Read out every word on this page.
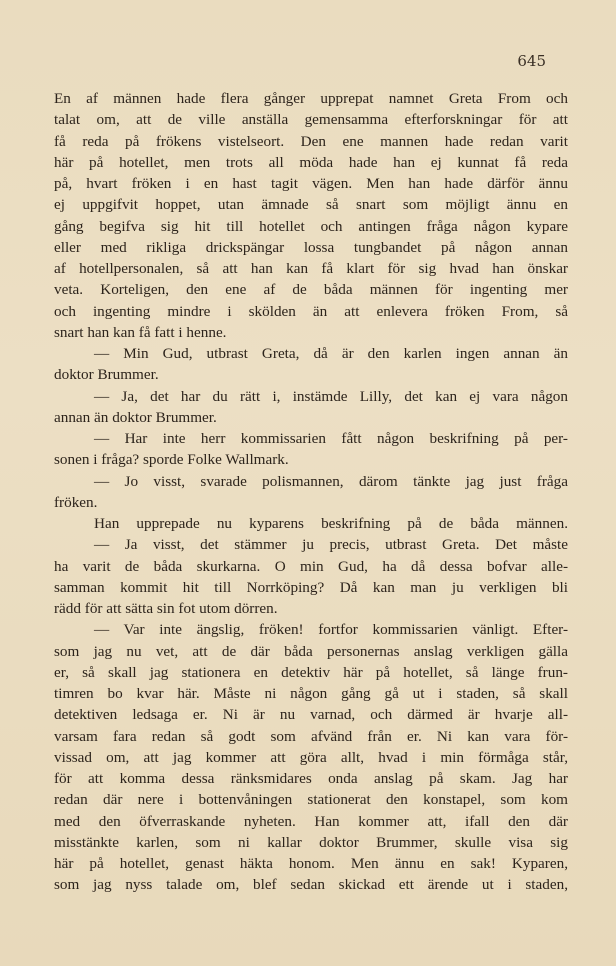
645
En af männen hade flera gånger upprepat namnet Greta From och
talat om, att de ville anställa gemensamma efterforskningar för att
få reda på frökens vistelseort. Den ene mannen hade redan varit
här på hotellet, men trots all möda hade han ej kunnat få reda
på, hvart fröken i en hast tagit vägen. Men han hade därför ännu
ej uppgifvit hoppet, utan ämnade så snart som möjligt ännu en
gång begifva sig hit till hotellet och antingen fråga någon kypare
eller med rikliga drickspängar lossa tungbandet på någon annan
af hotellpersonalen, så att han kan få klart för sig hvad han önskar
veta. Korteligen, den ene af de båda männen för ingenting mer
och ingenting mindre i skölden än att enlevera fröken From, så
snart han kan få fatt i henne.
— Min Gud, utbrast Greta, då är den karlen ingen annan än
doktor Brummer.
— Ja, det har du rätt i, instämde Lilly, det kan ej vara någon
annan än doktor Brummer.
— Har inte herr kommissarien fått någon beskrifning på per-
sonen i fråga? sporde Folke Wallmark.
— Jo visst, svarade polismannen, därom tänkte jag just fråga
fröken.
Han upprepade nu kyparens beskrifning på de båda männen.
— Ja visst, det stämmer ju precis, utbrast Greta. Det måste
ha varit de båda skurkarna. O min Gud, ha då dessa bofvar alle-
samman kommit hit till Norrköping? Då kan man ju verkligen bli
rädd för att sätta sin fot utom dörren.
— Var inte ängslig, fröken! fortfor kommissarien vänligt. Efter-
som jag nu vet, att de där båda personernas anslag verkligen gälla
er, så skall jag stationera en detektiv här på hotellet, så länge frun-
timren bo kvar här. Måste ni någon gång gå ut i staden, så skall
detektiven ledsaga er. Ni är nu varnad, och därmed är hvarje all-
varsam fara redan så godt som afvänd från er. Ni kan vara för-
vissad om, att jag kommer att göra allt, hvad i min förmåga står,
för att komma dessa ränksmidares onda anslag på skam. Jag har
redan där nere i bottenvåningen stationerat den konstapel, som kom
med den öfverraskande nyheten. Han kommer att, ifall den där
misstänkte karlen, som ni kallar doktor Brummer, skulle visa sig
här på hotellet, genast häkta honom. Men ännu en sak! Kyparen,
som jag nyss talade om, blef sedan skickad ett ärende ut i staden,
